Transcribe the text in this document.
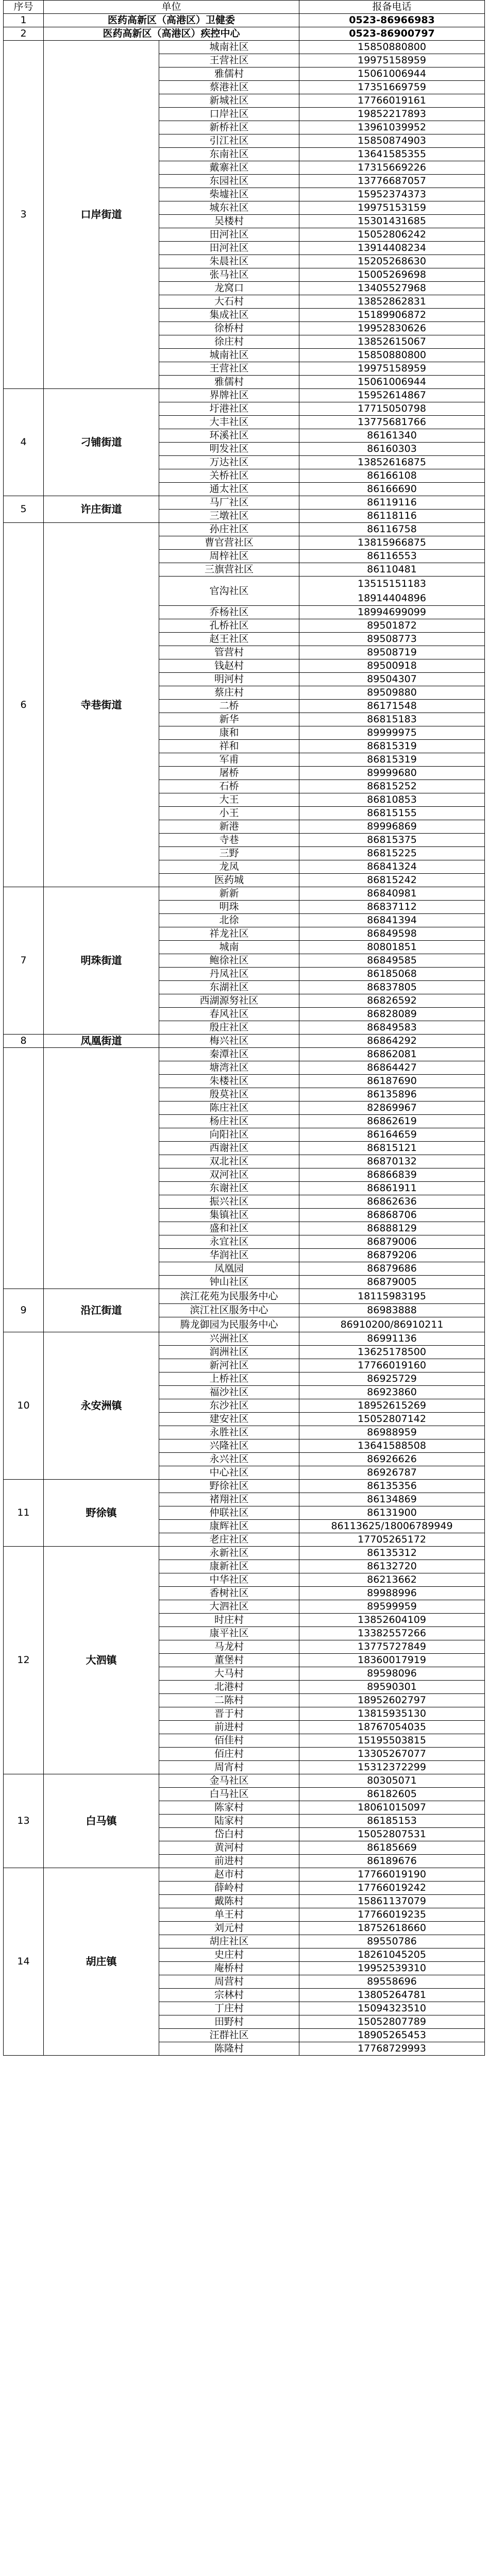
序号	单位		报备电话
1	医药高新区（高港区）卫健委		0523-86966983
2	医药高新区（高港区）疾控中心		0523-86900797
3	口岸街道	城南社区	15850880800
		王营社区	19975158959
		雅儒村	15061006944
		蔡港社区	17351669759
		新城社区	17766019161
		口岸社区	19852217893
		新桥社区	13961039952
		引江社区	15850874903
		东南社区	13641585355
		戴寨社区	17315669226
		东园社区	13776687057
		柴墟社区	15952374373
		城东社区	19975153159
		吴楼村	15301431685
		田河社区	15052806242
		田河社区	13914408234
		朱晨社区	15205268630
		张马社区	15005269698
		龙窝口	13405527968
		大石村	13852862831
		集成社区	15189906872
		徐桥村	19952830626
		徐庄村	13852615067
		城南社区	15850880800
		王营社区	19975158959
		雅儒村	15061006944
4	刁铺街道	界牌社区	15952614867
		圩港社区	17715050798
		大丰社区	13775681766
		环溪社区	86161340
		明发社区	86160303
		万达社区	13852616875
		关桥社区	86166108
		通太社区	86166690
5	许庄街道	马厂社区	86119116
		三墩社区	86118116
6	寺巷街道	孙庄社区	86116758
		曹官营社区	13815966875
		周梓社区	86116553
		三旗营社区	86110481
		官沟社区	13515151183
18914404896
		乔杨社区	18994699099
		孔桥社区	89501872
		赵王社区	89508773
		管营村	89508719
		钱赵村	89500918
		明河村	89504307
		蔡庄村	89509880
		二桥	86171548
		新华	86815183
		康和	89999975
		祥和	86815319
		军甫	86815319
		屠桥	89999680
		石桥	86815252
		大王	86810853
		小王	86815155
		新港	89996869
		寺巷	86815375
		三野	86815225
		龙凤	86841324
		医药城	86815242
7	明珠街道	新新	86840981
		明珠	86837112
		北徐	86841394
		祥龙社区	86849598
		城南	80801851
		鲍徐社区	86849585
		丹凤社区	86185068
		东湖社区	86837805
		西湖源努社区	86826592
		春风社区	86828089
		殷庄社区	86849583
8	凤凰街道	梅兴社区	86864292
		秦潭社区	86862081
		塘湾社区	86864427
		朱楼社区	86187690
		殷莫社区	86135896
		陈庄社区	82869967
		杨庄社区	86862619
		向阳社区	86164659
		西谢社区	86815121
		双北社区	86870132
		双河社区	86866839
		东谢社区	86861911
		振兴社区	86862636
		集镇社区	86868706
		盛和社区	86888129
		永宜社区	86879006
		华润社区	86879206
		凤凰园	86879686
		钟山社区	86879005
9	沿江街道	滨江花苑为民服务中心	18115983195
		滨江社区服务中心	86983888
		腾龙御园为民服务中心	86910200/86910211
10	永安洲镇	兴洲社区	86991136
		润洲社区	13625178500
		新河社区	17766019160
		上桥社区	86925729
		福沙社区	86923860
		东沙社区	18952615269
		建安社区	15052807142
		永胜社区	86988959
		兴隆社区	13641588508
		永兴社区	86926626
		中心社区	86926787
11	野徐镇	野徐社区	86135356
		褚翔社区	86134869
		仲联社区	86131900
		康辉社区	86113625/18006789949
		老庄社区	17705265172
12	大泗镇	永新社区	86135312
		康新社区	86132720
		中华社区	86213662
		香树社区	89988996
		大泗社区	89599959
		时庄村	13852604109
		康平社区	13382557266
		马龙村	13775727849
		董堡村	18360017919
		大马村	89598096
		北港村	89590301
		二陈村	18952602797
		晋于村	13815935130
		前进村	18767054035
		佰佳村	15195503815
		佰庄村	13305267077
		周宵村	15312372299
13	白马镇	金马社区	80305071
		白马社区	86182605
		陈家村	18061015097
		陆家村	86185153
		岱白村	15052807531
		黄河村	86185669
		前进村	86189676
14	胡庄镇	赵市村	17766019190
		薛岭村	17766019242
		戴陈村	15861137079
		单王村	17766019235
		刘元村	18752618660
		胡庄社区	89550786
		史庄村	18261045205
		庵桥村	19952539310
		周营村	89558696
		宗林村	13805264781
		丁庄村	15094323510
		田野村	15052807789
		汪群社区	18905265453
		陈隆村	17768729993
